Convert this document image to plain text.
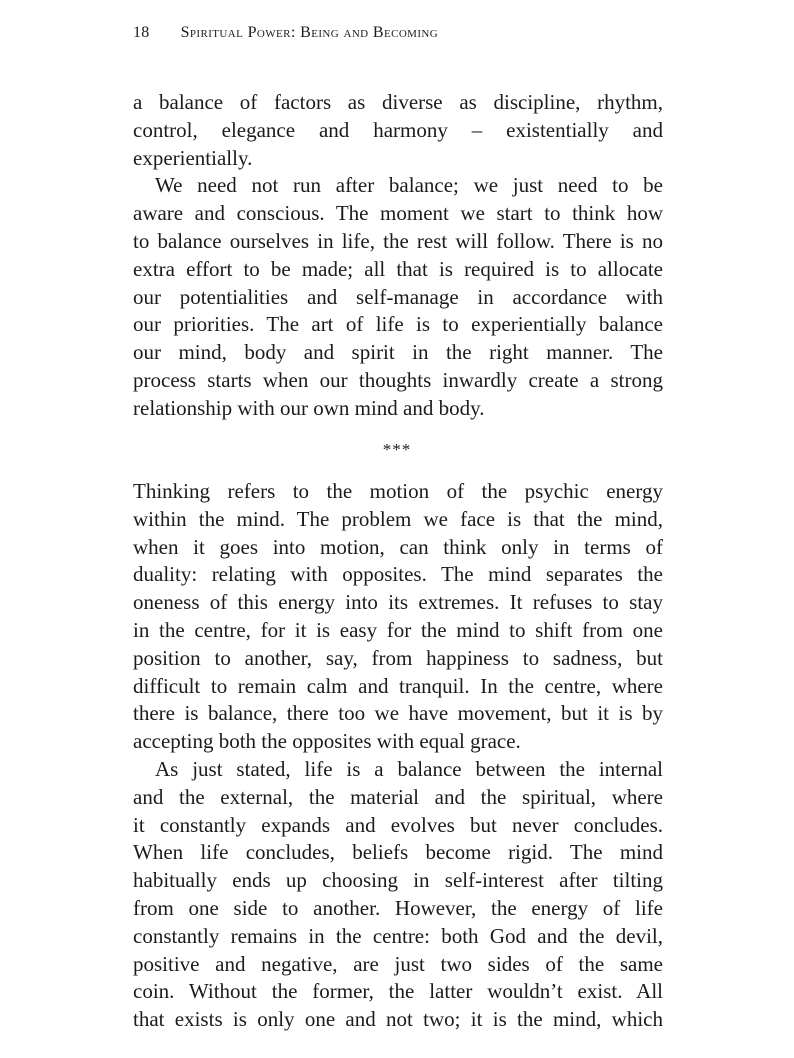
18 Spiritual Power: Being and Becoming
a balance of factors as diverse as discipline, rhythm,
control, elegance and harmony – existentially and
experientially.
We need not run after balance; we just need to be
aware and conscious. The moment we start to think how
to balance ourselves in life, the rest will follow. There is no
extra effort to be made; all that is required is to allocate
our potentialities and self-manage in accordance with
our priorities. The art of life is to experientially balance
our mind, body and spirit in the right manner. The
process starts when our thoughts inwardly create a strong
relationship with our own mind and body.
***
Thinking refers to the motion of the psychic energy
within the mind. The problem we face is that the mind,
when it goes into motion, can think only in terms of
duality: relating with opposites. The mind separates the
oneness of this energy into its extremes. It refuses to stay
in the centre, for it is easy for the mind to shift from one
position to another, say, from happiness to sadness, but
difficult to remain calm and tranquil. In the centre, where
there is balance, there too we have movement, but it is by
accepting both the opposites with equal grace.
As just stated, life is a balance between the internal
and the external, the material and the spiritual, where
it constantly expands and evolves but never concludes.
When life concludes, beliefs become rigid. The mind
habitually ends up choosing in self-interest after tilting
from one side to another. However, the energy of life
constantly remains in the centre: both God and the devil,
positive and negative, are just two sides of the same
coin. Without the former, the latter wouldn’t exist. All
that exists is only one and not two; it is the mind, which
